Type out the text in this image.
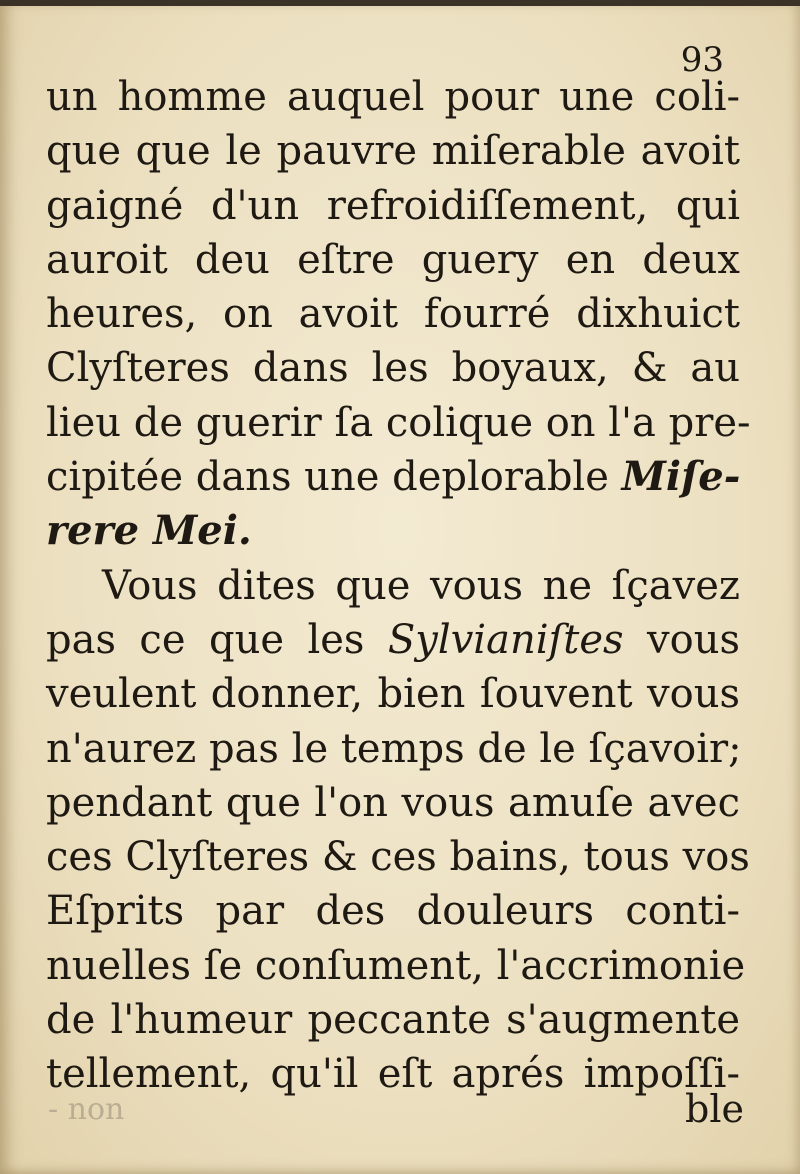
93
un homme auquel pour une coli-
que que le pauvre miſerable avoit
gaigné d'un refroidiſſement, qui
auroit deu eſtre guery en deux
heures, on avoit fourré dixhuict
Clyſteres dans les boyaux, & au
lieu de guerir ſa colique on l'a pre-
cipitée dans une deplorable Miſe-
rere Mei.
Vous dites que vous ne ſçavez
pas ce que les Sylvianiſtes vous
veulent donner, bien ſouvent vous
n'aurez pas le temps de le ſçavoir;
pendant que l'on vous amuſe avec
ces Clyſteres & ces bains, tous vos
Eſprits par des douleurs conti-
nuelles ſe conſument, l'accrimonie
de l'humeur peccante s'augmente
tellement, qu'il eſt aprés impoſſi-
- non	ble
